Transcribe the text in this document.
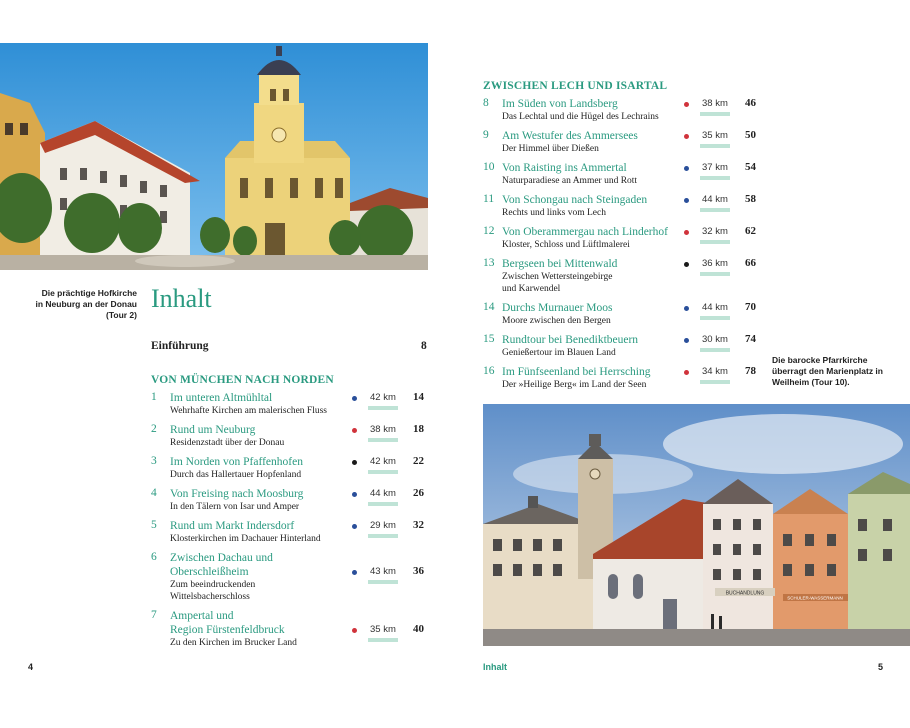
Die prächtige Hofkirche
in Neuburg an der Donau
(Tour 2)
Inhalt
Einführung	8
VON MÜNCHEN NACH NORDEN
ZWISCHEN LECH UND ISARTAL
1 Im unteren Altmühltal
Wehrhafte Kirchen am malerischen Fluss
42 km 14
2 Rund um Neuburg
Residenzstadt über der Donau
38 km 18
3 Im Norden von Pfaffenhofen
Durch das Hallertauer Hopfenland
42 km 22
4 Von Freising nach Moosburg
In den Tälern von Isar und Amper
44 km 26
5 Rund um Markt Indersdorf
Klosterkirchen im Dachauer Hinterland
29 km 32
6 Zwischen Dachau und
Oberschleißheim
Zum beeindruckenden
Wittelsbacherschloss
43 km 36
7 Ampertal und
Region Fürstenfeldbruck
Zu den Kirchen im Brucker Land
35 km 40
8 Im Süden von Landsberg
Das Lechtal und die Hügel des Lechrains
38 km 46
9 Am Westufer des Ammersees
Der Himmel über Dießen
35 km 50
10 Von Raisting ins Ammertal
Naturparadiese an Ammer und Rott
37 km 54
11 Von Schongau nach Steingaden
Rechts und links vom Lech
44 km 58
12 Von Oberammergau nach Linderhof
Kloster, Schloss und Lüftlmalerei
32 km 62
13 Bergseen bei Mittenwald
Zwischen Wettersteingebirge
und Karwendel
36 km 66
14 Durchs Murnauer Moos
Moore zwischen den Bergen
44 km 70
15 Rundtour bei Benediktbeuern
Genießertour im Blauen Land
30 km 74
16 Im Fünfseenland bei Herrsching
Der »Heilige Berg« im Land der Seen
34 km 78
Die barocke Pfarrkirche
überragt den Marienplatz in
Weilheim (Tour 10).
BUCHANDLUNG
SCHULER-WASSERMANN
4	Inhalt	5
